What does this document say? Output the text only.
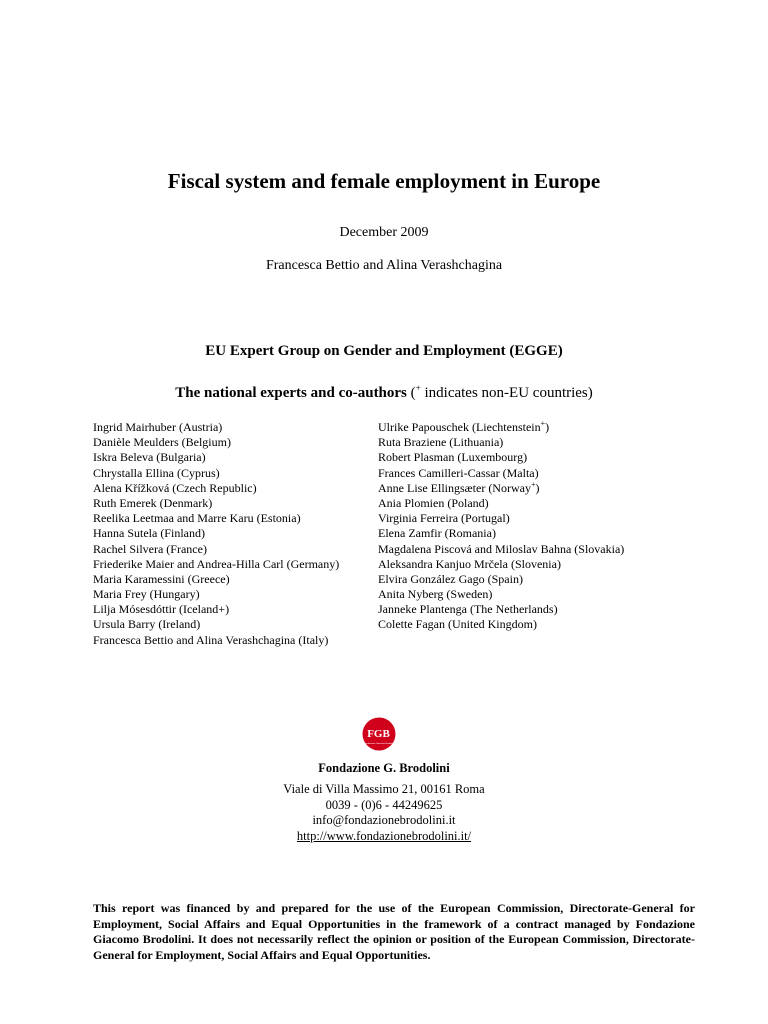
Fiscal system and female employment in Europe
December 2009
Francesca Bettio and Alina Verashchagina
EU Expert Group on Gender and Employment (EGGE)
The national experts and co-authors (+ indicates non-EU countries)
Ingrid Mairhuber (Austria)
Danièle Meulders (Belgium)
Iskra Beleva (Bulgaria)
Chrystalla Ellina (Cyprus)
Alena Křížková (Czech Republic)
Ruth Emerek (Denmark)
Reelika Leetmaa and Marre Karu (Estonia)
Hanna Sutela (Finland)
Rachel Silvera (France)
Friederike Maier and Andrea-Hilla Carl (Germany)
Maria Karamessini (Greece)
Maria Frey (Hungary)
Lilja Mósesdóttir (Iceland+)
Ursula Barry (Ireland)
Francesca Bettio and Alina Verashchagina (Italy)
Ulrike Papouschek (Liechtenstein+)
Ruta Braziene (Lithuania)
Robert Plasman (Luxembourg)
Frances Camilleri-Cassar (Malta)
Anne Lise Ellingsæter (Norway+)
Ania Plomien (Poland)
Virginia Ferreira (Portugal)
Elena Zamfir (Romania)
Magdalena Piscová and Miloslav Bahna (Slovakia)
Aleksandra Kanjuo Mrčela (Slovenia)
Elvira González Gago (Spain)
Anita Nyberg (Sweden)
Janneke Plantenga (The Netherlands)
Colette Fagan (United Kingdom)
FGB
Fondazione Giacomo Brodolini
Fondazione G. Brodolini
Viale di Villa Massimo 21, 00161 Roma
0039 - (0)6 - 44249625
info@fondazionebrodolini.it
http://www.fondazionebrodolini.it/

This report was financed by and prepared for the use of the European Commission, Directorate-General for Employment, Social Affairs and Equal Opportunities in the framework of a contract managed by Fondazione Giacomo Brodolini. It does not necessarily reflect the opinion or position of the European Commission, Directorate-General for Employment, Social Affairs and Equal Opportunities.
